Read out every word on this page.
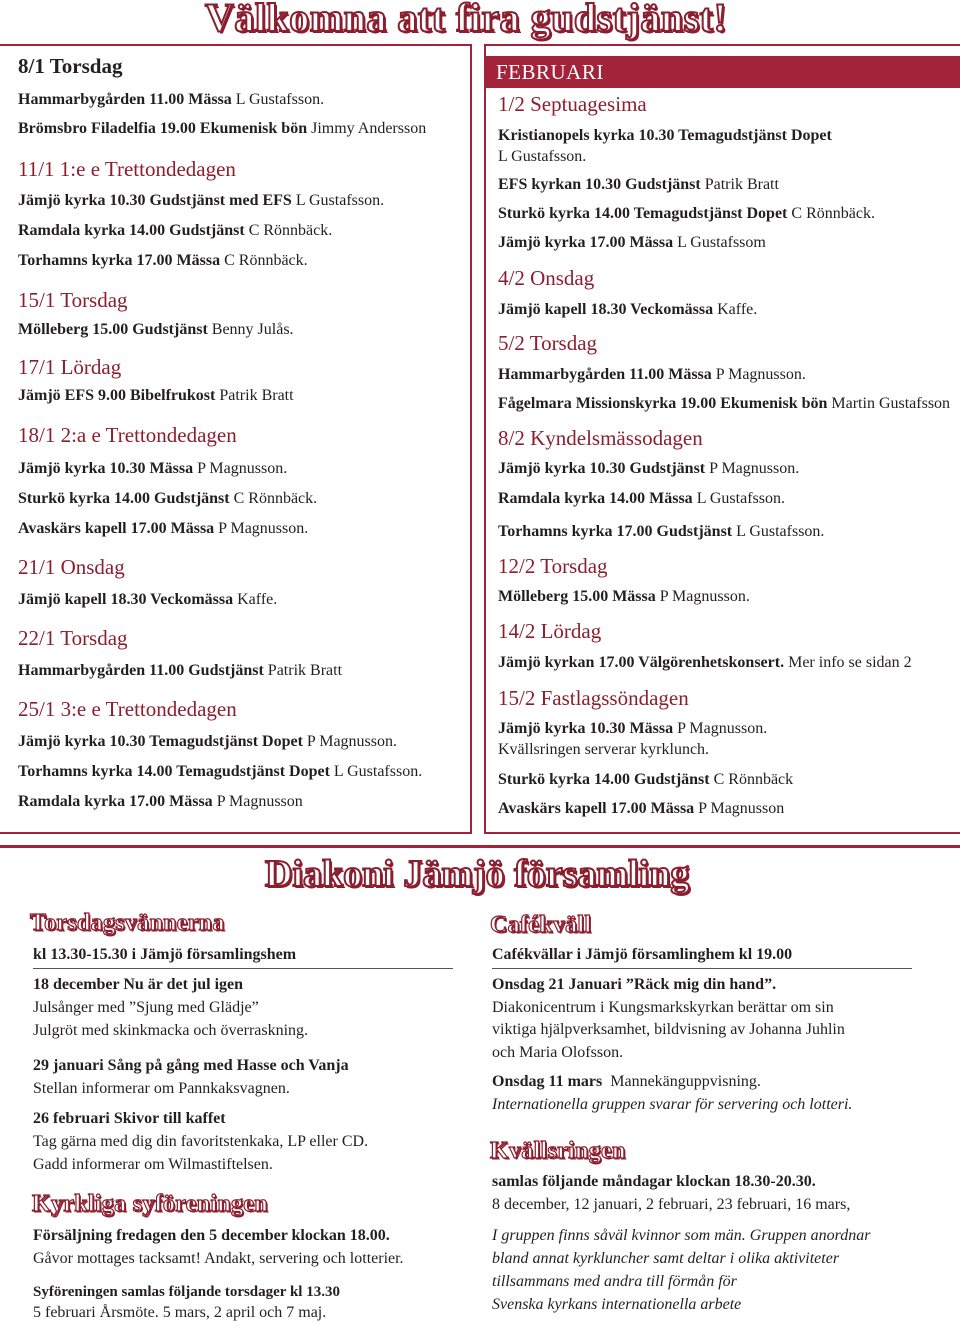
Välkomna att fira gudstjänst!
FEBRUARI
8/1 Torsdag
Hammarbygården 11.00 Mässa L Gustafsson.
Brömsbro Filadelfia 19.00 Ekumenisk bön Jimmy Andersson
11/1 1:e e Trettondedagen
Jämjö kyrka 10.30 Gudstjänst med EFS L Gustafsson.
Ramdala kyrka 14.00 Gudstjänst C Rönnbäck.
Torhamns kyrka 17.00 Mässa C Rönnbäck.
15/1 Torsdag
Mölleberg 15.00 Gudstjänst Benny Julås.
17/1 Lördag
Jämjö EFS 9.00 Bibelfrukost Patrik Bratt
18/1 2:a e Trettondedagen
Jämjö kyrka 10.30 Mässa P Magnusson.
Sturkö kyrka 14.00 Gudstjänst C Rönnbäck.
Avaskärs kapell 17.00 Mässa P Magnusson.
21/1 Onsdag
Jämjö kapell 18.30 Veckomässa Kaffe.
22/1 Torsdag
Hammarbygården 11.00 Gudstjänst Patrik Bratt
25/1 3:e e Trettondedagen
Jämjö kyrka 10.30 Temagudstjänst Dopet P Magnusson.
Torhamns kyrka 14.00 Temagudstjänst Dopet L Gustafsson.
Ramdala kyrka 17.00 Mässa P Magnusson
1/2 Septuagesima
Kristianopels kyrka 10.30 Temagudstjänst Dopet
L Gustafsson.
EFS kyrkan 10.30 Gudstjänst Patrik Bratt
Sturkö kyrka 14.00 Temagudstjänst Dopet C Rönnbäck.
Jämjö kyrka 17.00 Mässa L Gustafssom
4/2 Onsdag
Jämjö kapell 18.30 Veckomässa Kaffe.
5/2 Torsdag
Hammarbygården 11.00 Mässa P Magnusson.
Fågelmara Missionskyrka 19.00 Ekumenisk bön Martin Gustafsson
8/2 Kyndelsmässodagen
Jämjö kyrka 10.30 Gudstjänst P Magnusson.
Ramdala kyrka 14.00 Mässa L Gustafsson.
Torhamns kyrka 17.00 Gudstjänst L Gustafsson.
12/2 Torsdag
Mölleberg 15.00 Mässa P Magnusson.
14/2 Lördag
Jämjö kyrkan 17.00 Välgörenhetskonsert. Mer info se sidan 2
15/2 Fastlagssöndagen
Jämjö kyrka 10.30 Mässa P Magnusson.
Kvällsringen serverar kyrklunch.
Sturkö kyrka 14.00 Gudstjänst C Rönnbäck
Avaskärs kapell 17.00 Mässa P Magnusson
Diakoni Jämjö församling
Torsdagsvännerna
kl 13.30-15.30 i Jämjö församlingshem
18 december Nu är det jul igen
Julsånger med ”Sjung med Glädje”
Julgröt med skinkmacka och överraskning.
29 januari Sång på gång med Hasse och Vanja
Stellan informerar om Pannkaksvagnen.
26 februari Skivor till kaffet
Tag gärna med dig din favoritstenkaka, LP eller CD.
Gadd informerar om Wilmastiftelsen.
Kyrkliga syföreningen
Försäljning fredagen den 5 december klockan 18.00.
Gåvor mottages tacksamt! Andakt, servering och lotterier.
Syföreningen samlas följande torsdager kl 13.30
5 februari Årsmöte. 5 mars, 2 april och 7 maj.
Cafékväll
Cafékvällar i Jämjö församlinghem kl 19.00
Onsdag 21 Januari ”Räck mig din hand”.
Diakonicentrum i Kungsmarkskyrkan berättar om sin
viktiga hjälpverksamhet, bildvisning av Johanna Juhlin
och Maria Olofsson.
Onsdag 11 mars Mannekänguppvisning.
Internationella gruppen svarar för servering och lotteri.
Kvällsringen
samlas följande måndagar klockan 18.30-20.30.
8 december, 12 januari, 2 februari, 23 februari, 16 mars,
I gruppen finns såväl kvinnor som män. Gruppen anordnar
bland annat kyrkluncher samt deltar i olika aktiviteter
tillsammans med andra till förmån för
Svenska kyrkans internationella arbete
